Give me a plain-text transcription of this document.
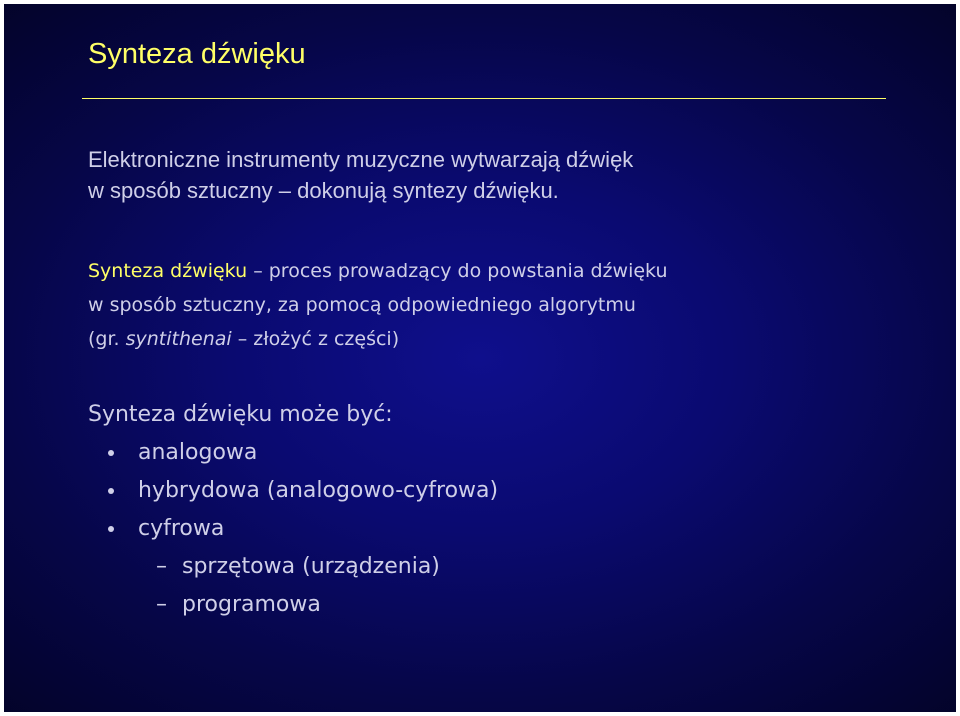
Synteza dźwięku

Elektroniczne instrumenty muzyczne wytwarzają dźwięk
w sposób sztuczny – dokonują syntezy dźwięku.

Synteza dźwięku – proces prowadzący do powstania dźwięku
w sposób sztuczny, za pomocą odpowiedniego algorytmu
(gr. syntithenai – złożyć z części)

Synteza dźwięku może być:
analogowa
hybrydowa (analogowo-cyfrowa)
cyfrowa
– sprzętowa (urządzenia)
– programowa
